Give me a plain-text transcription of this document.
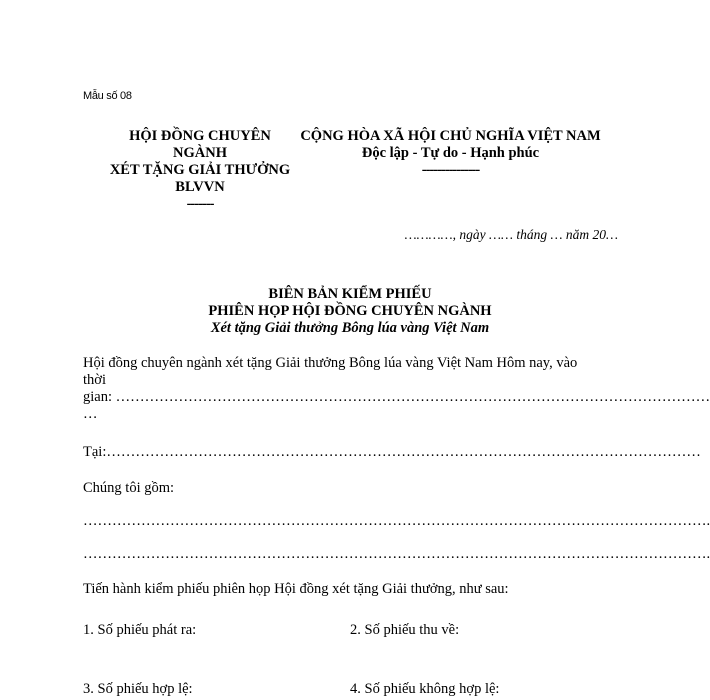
Mẫu số 08
HỘI ĐỒNG CHUYÊN
NGÀNH
XÉT TẶNG GIẢI THƯỞNG
BLVVN
-------
CỘNG HÒA XÃ HỘI CHỦ NGHĨA VIỆT NAM
Độc lập - Tự do - Hạnh phúc
---------------
…………, ngày …… tháng … năm 20…
BIÊN BẢN KIỂM PHIẾU
PHIÊN HỌP HỘI ĐỒNG CHUYÊN NGÀNH
Xét tặng Giải thưởng Bông lúa vàng Việt Nam
Hội đồng chuyên ngành xét tặng Giải thưởng Bông lúa vàng Việt Nam Hôm nay, vào
thời
gian: ……………………………………………………………………………………………………………
…
Tại:……………………………………………………………………………………………………………
Chúng tôi gồm:
………………………………………………………………………………………………………………….
………………………………………………………………………………………………………………….
Tiến hành kiểm phiếu phiên họp Hội đồng xét tặng Giải thưởng, như sau:
1. Số phiếu phát ra:	2. Số phiếu thu về:
3. Số phiếu hợp lệ:	4. Số phiếu không hợp lệ:
